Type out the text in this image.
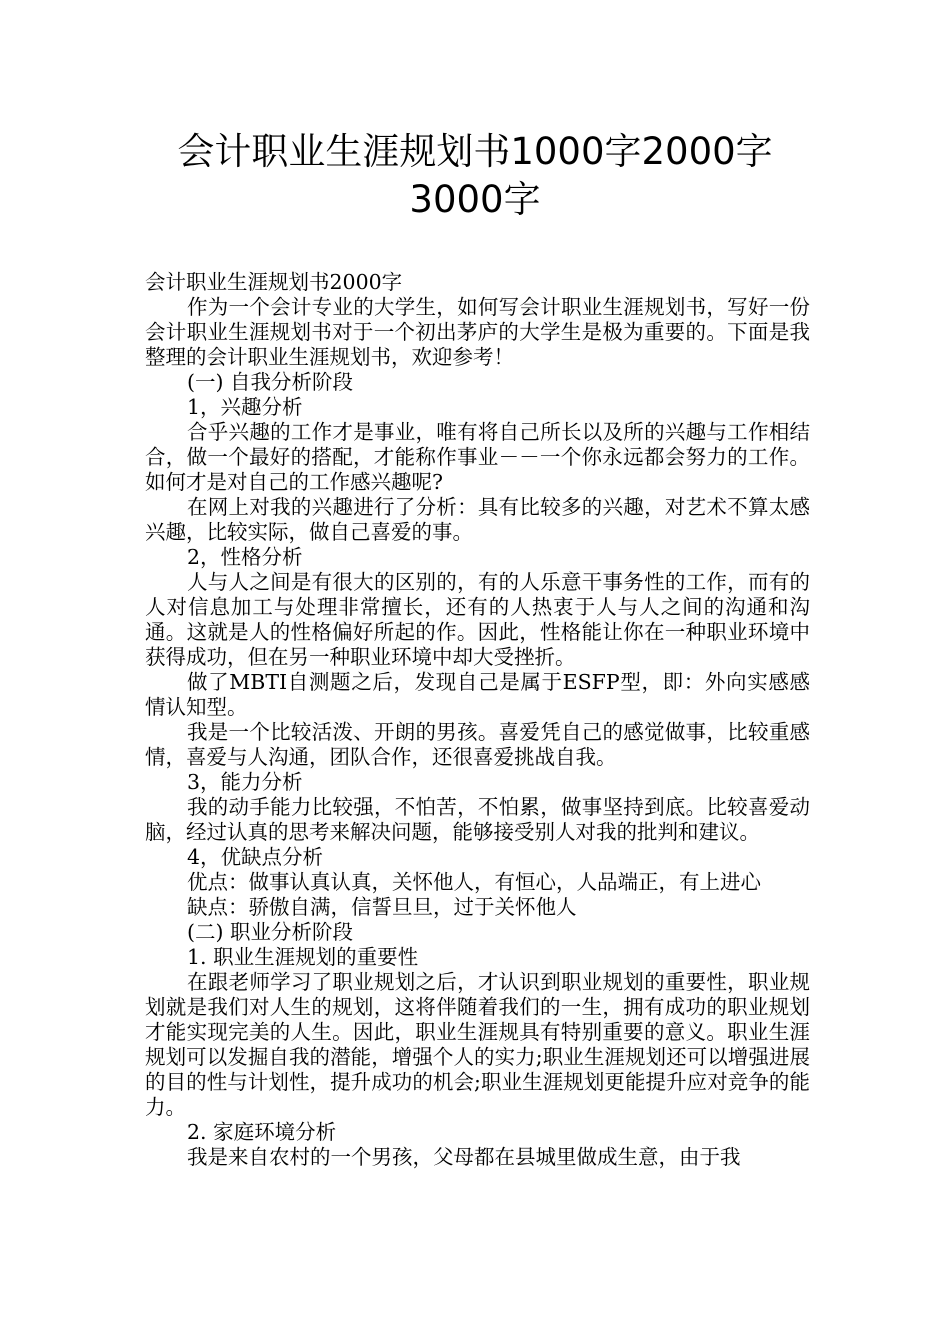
会计职业生涯规划书1000字2000字
3000字

会计职业生涯规划书2000字

作为一个会计专业的大学生，如何写会计职业生涯规划书，写好一份会计职业生涯规划书对于一个初出茅庐的大学生是极为重要的。下面是我整理的会计职业生涯规划书，欢迎参考！

(一) 自我分析阶段

1，兴趣分析

合乎兴趣的工作才是事业，唯有将自己所长以及所的兴趣与工作相结合，做一个最好的搭配，才能称作事业－－一个你永远都会努力的工作。如何才是对自己的工作感兴趣呢?

在网上对我的兴趣进行了分析：具有比较多的兴趣，对艺术不算太感兴趣，比较实际，做自己喜爱的事。

2，性格分析

人与人之间是有很大的区别的，有的人乐意干事务性的工作，而有的人对信息加工与处理非常擅长，还有的人热衷于人与人之间的沟通和沟通。这就是人的性格偏好所起的作。因此，性格能让你在一种职业环境中获得成功，但在另一种职业环境中却大受挫折。

做了MBTI自测题之后，发现自己是属于ESFP型，即：外向实感感情认知型。

我是一个比较活泼、开朗的男孩。喜爱凭自己的感觉做事，比较重感情，喜爱与人沟通，团队合作，还很喜爱挑战自我。

3，能力分析

我的动手能力比较强，不怕苦，不怕累，做事坚持到底。比较喜爱动脑，经过认真的思考来解决问题，能够接受别人对我的批判和建议。

4，优缺点分析

优点：做事认真认真，关怀他人，有恒心，人品端正，有上进心

缺点：骄傲自满，信誓旦旦，过于关怀他人

(二) 职业分析阶段

1. 职业生涯规划的重要性

在跟老师学习了职业规划之后，才认识到职业规划的重要性，职业规划就是我们对人生的规划，这将伴随着我们的一生，拥有成功的职业规划才能实现完美的人生。因此，职业生涯规具有特别重要的意义。职业生涯规划可以发掘自我的潜能，增强个人的实力;职业生涯规划还可以增强进展的目的性与计划性，提升成功的机会;职业生涯规划更能提升应对竞争的能力。

2. 家庭环境分析

我是来自农村的一个男孩，父母都在县城里做成生意，由于我
